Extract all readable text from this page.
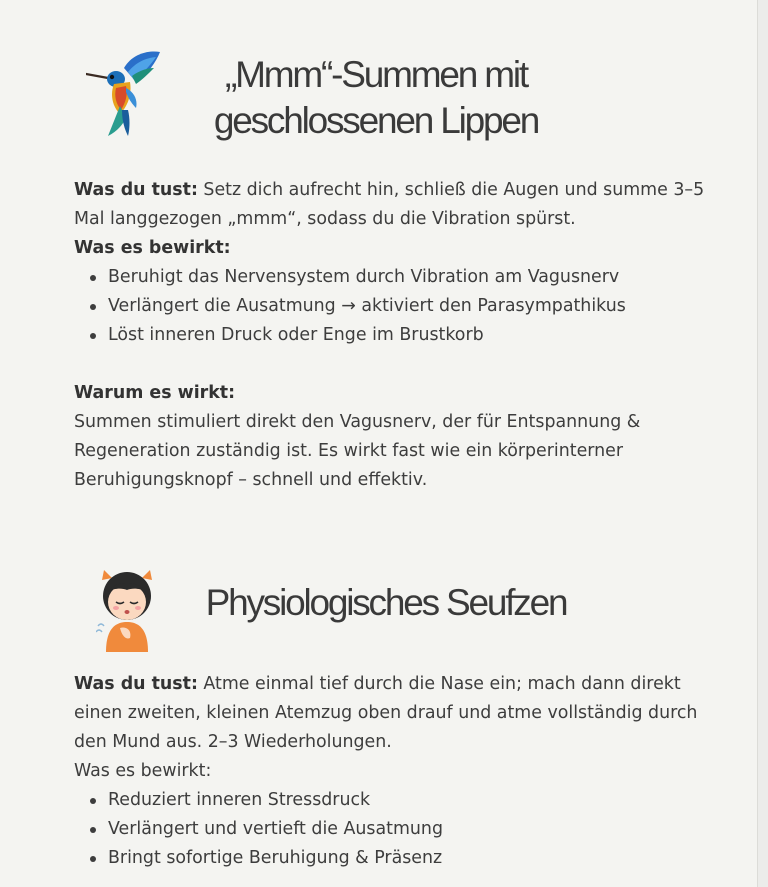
„Mmm“-Summen mit
geschlossenen Lippen

Was du tust: Setz dich aufrecht hin, schließ die Augen und summe 3–5 Mal langgezogen „mmm“, sodass du die Vibration spürst.

Was es bewirkt:

Beruhigt das Nervensystem durch Vibration am Vagusnerv
Verlängert die Ausatmung → aktiviert den Parasympathikus
Löst inneren Druck oder Enge im Brustkorb

Warum es wirkt:

Summen stimuliert direkt den Vagusnerv, der für Entspannung & Regeneration zuständig ist. Es wirkt fast wie ein körperinterner Beruhigungsknopf – schnell und effektiv.

Physiologisches Seufzen

Was du tust: Atme einmal tief durch die Nase ein; mach dann direkt einen zweiten, kleinen Atemzug oben drauf und atme vollständig durch den Mund aus. 2–3 Wiederholungen.

Was es bewirkt:

Reduziert inneren Stressdruck
Verlängert und vertieft die Ausatmung
Bringt sofortige Beruhigung & Präsenz
